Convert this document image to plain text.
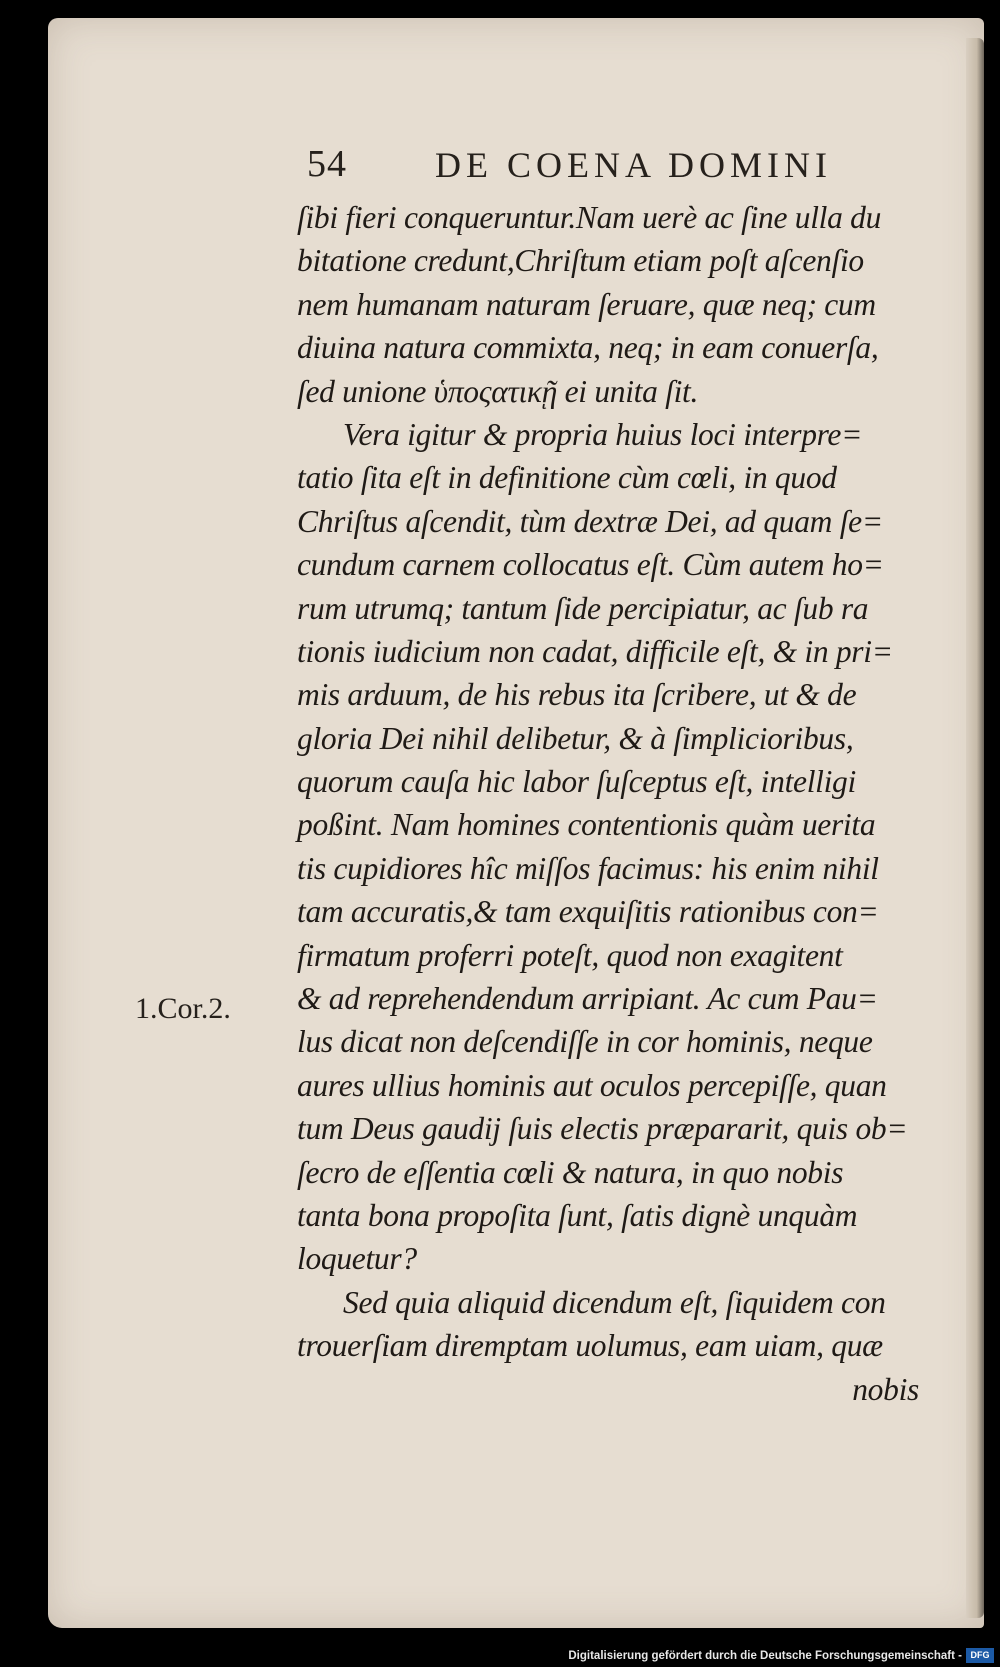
54 DE COENA DOMINI
1.Cor.2.
ſibi fieri conqueruntur.Nam uerè ac ſine ulla du
bitatione credunt,Chriſtum etiam poſt aſcenſio
nem humanam naturam ſeruare, quæ neq; cum
diuina natura commixta, neq; in eam conuerſa,
ſed unione ὑποςατικῇ ei unita ſit.
Vera igitur & propria huius loci interpre=
tatio ſita eſt in definitione cùm cœli, in quod
Chriſtus aſcendit, tùm dextræ Dei, ad quam ſe=
cundum carnem collocatus eſt. Cùm autem ho=
rum utrumq; tantum ſide percipiatur, ac ſub ra
tionis iudicium non cadat, difficile eſt, & in pri=
mis arduum, de his rebus ita ſcribere, ut & de
gloria Dei nihil delibetur, & à ſimplicioribus,
quorum cauſa hic labor ſuſceptus eſt, intelligi
poßint. Nam homines contentionis quàm uerita
tis cupidiores hîc miſſos facimus: his enim nihil
tam accuratis,& tam exquiſitis rationibus con=
firmatum proferri poteſt, quod non exagitent
& ad reprehendendum arripiant. Ac cum Pau=
lus dicat non deſcendiſſe in cor hominis, neque
aures ullius hominis aut oculos percepiſſe, quan
tum Deus gaudij ſuis electis præpararit, quis ob=
ſecro de eſſentia cœli & natura, in quo nobis
tanta bona propoſita ſunt, ſatis dignè unquàm
loquetur?
Sed quia aliquid dicendum eſt, ſiquidem con
trouerſiam diremptam uolumus, eam uiam, quæ
nobis
Digitalisierung gefördert durch die Deutsche Forschungsgemeinschaft - DFG
